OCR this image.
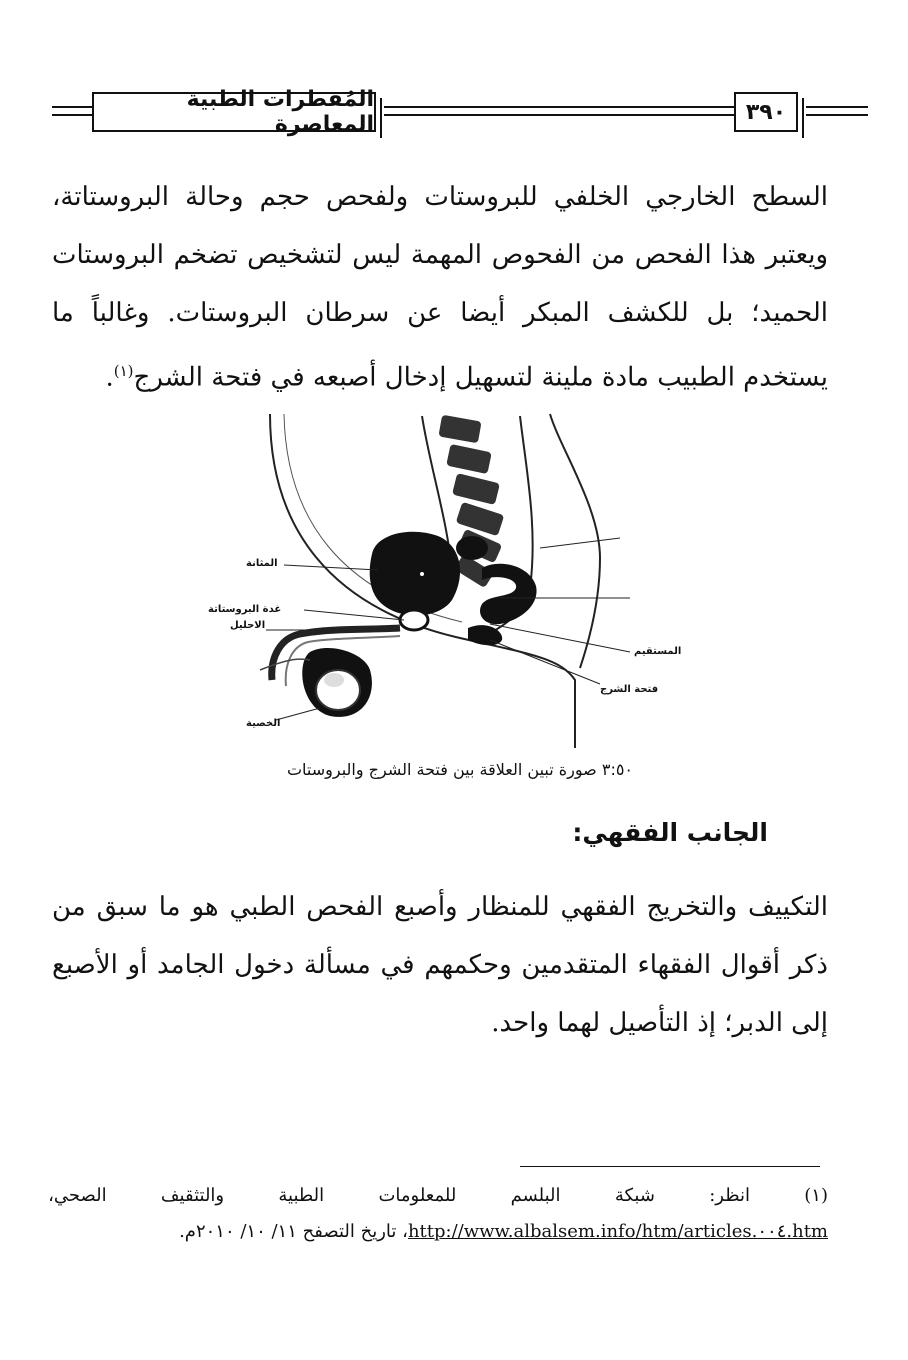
المُفطرات الطبية المعاصرة	٣٩٠
السطح الخارجي الخلفي للبروستات ولفحص حجم وحالة البروستاتة، ويعتبر هذا الفحص من الفحوص المهمة ليس لتشخيص تضخم البروستات الحميد؛ بل للكشف المبكر أيضا عن سرطان البروستات. وغالباً ما يستخدم الطبيب مادة ملينة لتسهيل إدخال أصبعه في فتحة الشرج$^{(١)}$.
المثانة
غدة البروستاتة
الاحليل
الخصية
المستقيم
فتحة الشرج
٣:٥٠ صورة تبين العلاقة بين فتحة الشرج والبروستات
الجانب الفقهي:
التكييف والتخريج الفقهي للمنظار وأصبع الفحص الطبي هو ما سبق من ذكر أقوال الفقهاء المتقدمين وحكمهم في مسألة دخول الجامد أو الأصبع إلى الدبر؛ إذ التأصيل لهما واحد.
(١)
انظر:
شبكة
البلسم
للمعلومات
الطبية
والتثقيف
الصحي،
http://www.albalsem.info/htm/articles.٠٠٤.htm، تاريخ التصفح ١١/ ١٠/ ٢٠١٠م.
